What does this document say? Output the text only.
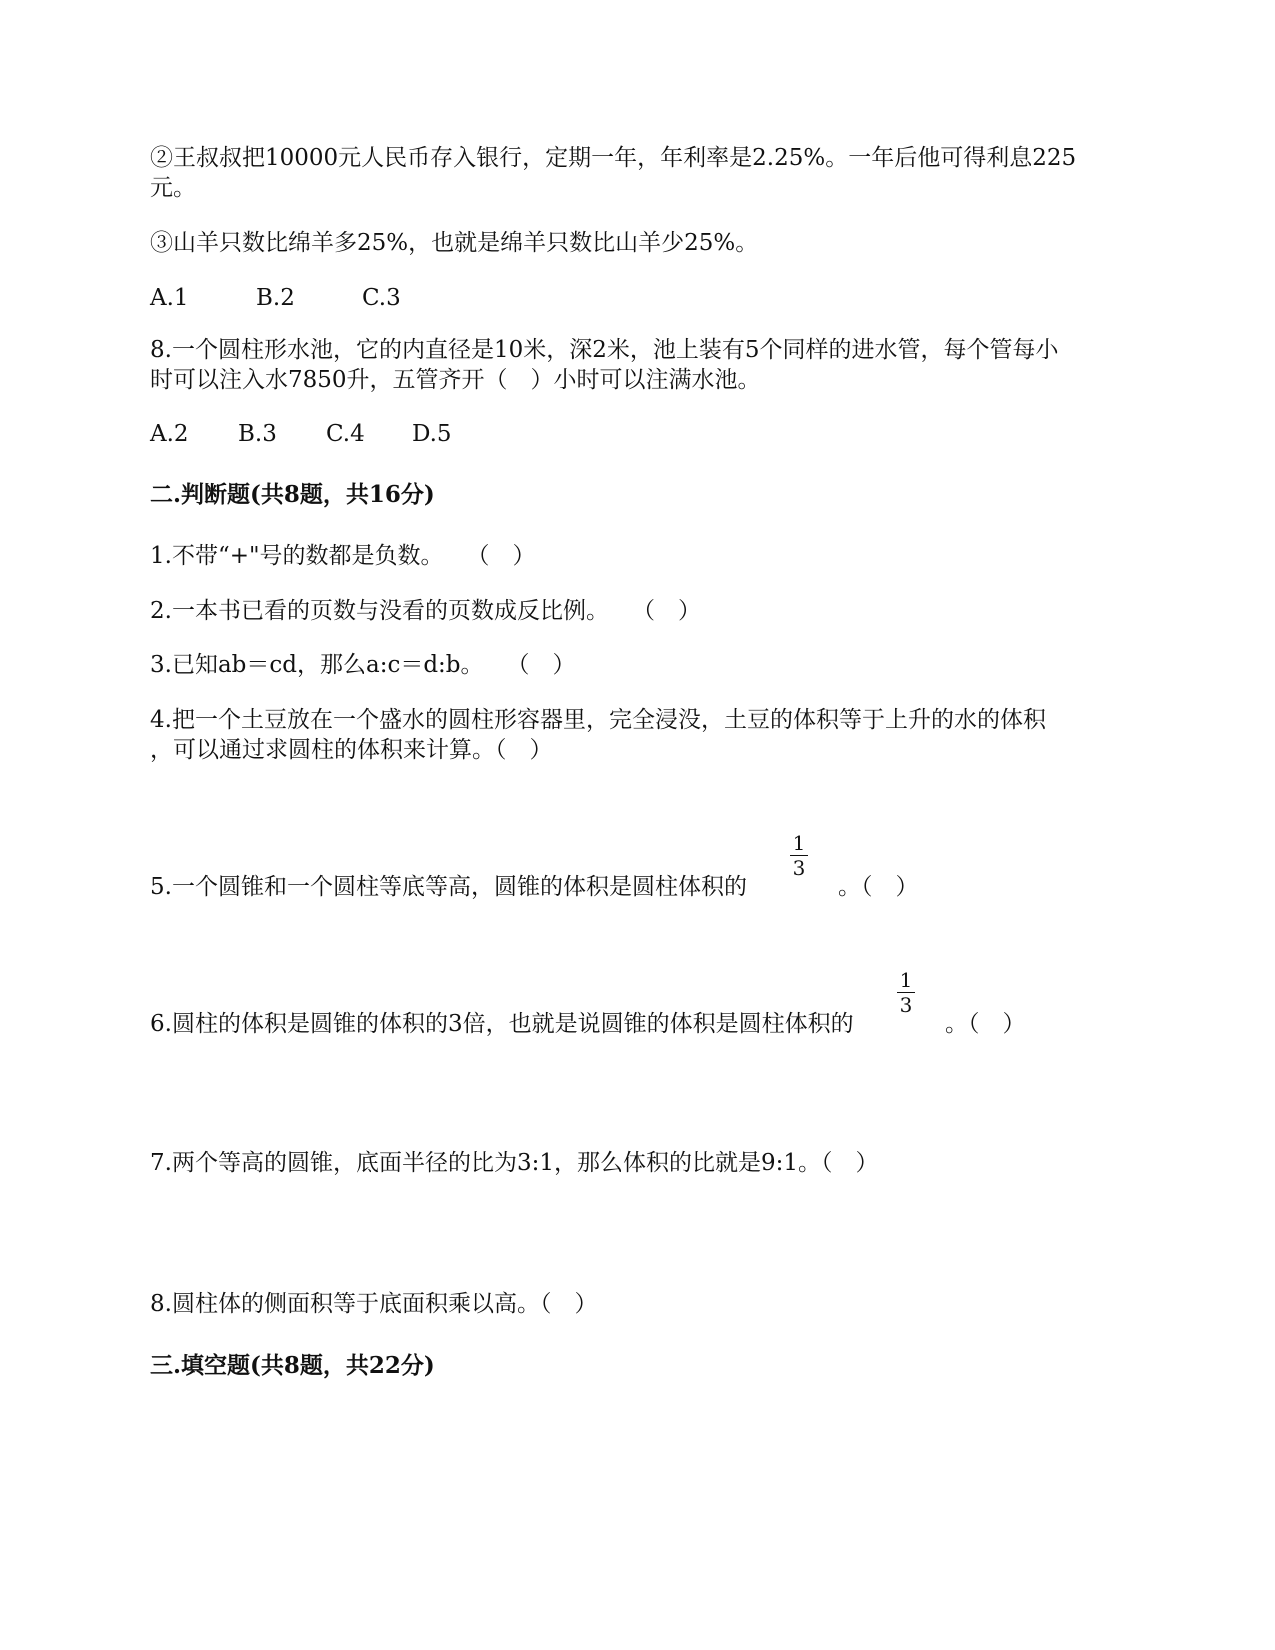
②王叔叔把10000元人民币存入银行，定期一年，年利率是2.25%。一年后他可得利息225
元。
③山羊只数比绵羊多25%，也就是绵羊只数比山羊少25%。
A.1	B.2	C.3
8.一个圆柱形水池，它的内直径是10米，深2米，池上装有5个同样的进水管，每个管每小
时可以注入水7850升，五管齐开（　）小时可以注满水池。
A.2 B.3 C.4 D.5
二.判断题(共8题，共16分)
1.不带“+"号的数都是负数。　　（　）
2.一本书已看的页数与没看的页数成反比例。　　（　）
3.已知ab＝cd，那么a:c＝d:b。　　（　）
4.把一个土豆放在一个盛水的圆柱形容器里，完全浸没，土豆的体积等于上升的水的体积
，可以通过求圆柱的体积来计算。（　）
5.一个圆锥和一个圆柱等底等高，圆锥的体积是圆柱体积的
1
3
。（　）
6.圆柱的体积是圆锥的体积的3倍，也就是说圆锥的体积是圆柱体积的
1
3
。（　）
7.两个等高的圆锥，底面半径的比为3:1，那么体积的比就是9:1。（　）
8.圆柱体的侧面积等于底面积乘以高。（　）
三.填空题(共8题，共22分)
